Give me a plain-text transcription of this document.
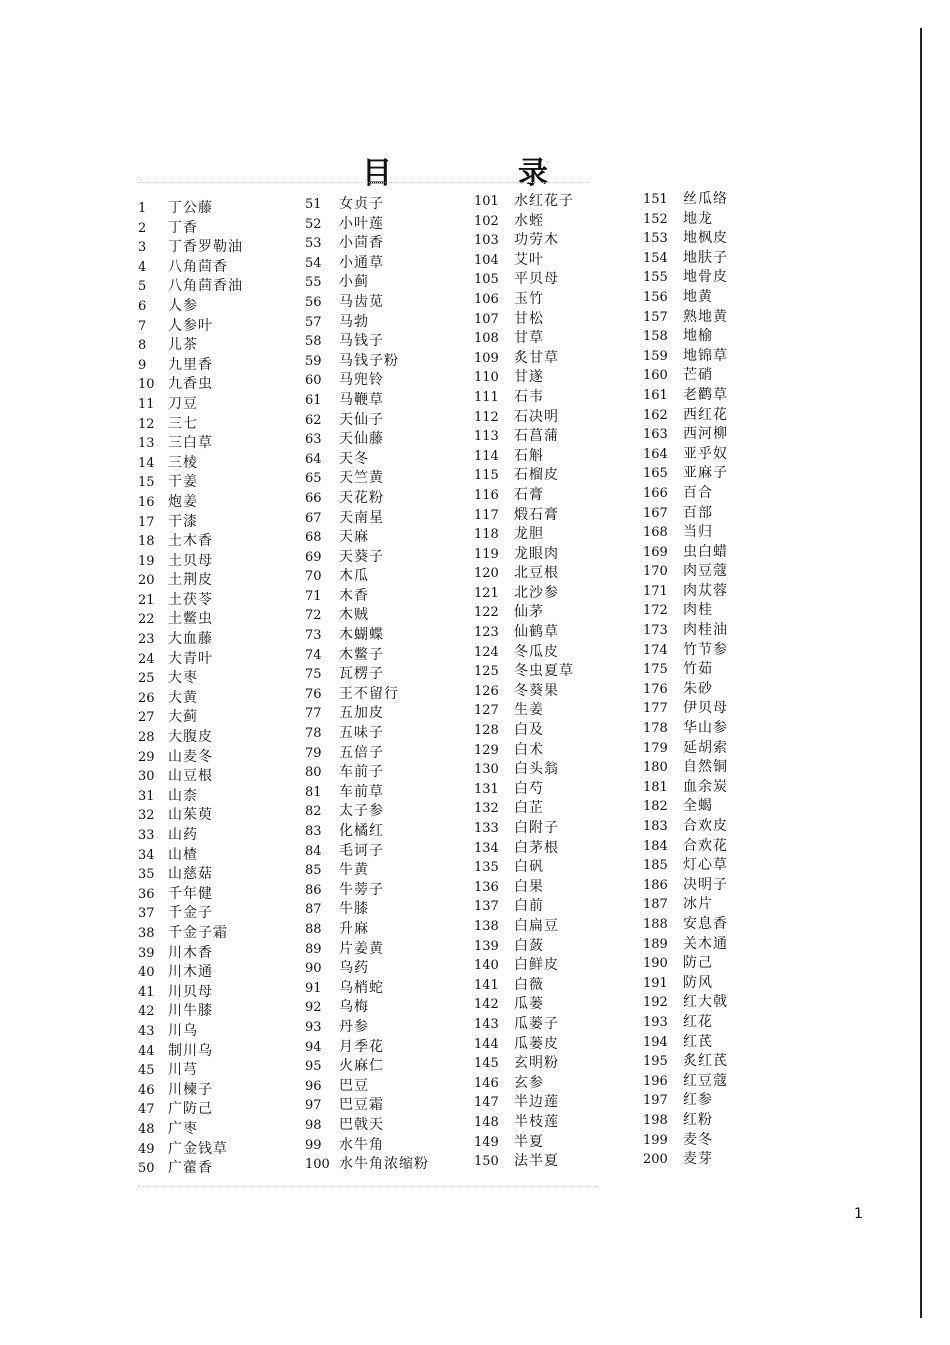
目　录
1	丁公藤
2	丁香
3	丁香罗勒油
4	八角茴香
5	八角茴香油
6	人参
7	人参叶
8	儿茶
9	九里香
10 九香虫
11 刀豆
12 三七
13 三白草
14 三棱
15 干姜
16 炮姜
17 干漆
18 土木香
19 土贝母
20 土荆皮
21 土茯苓
22 土鳖虫
23 大血藤
24 大青叶
25 大枣
26 大黄
27 大蓟
28 大腹皮
29 山麦冬
30 山豆根
31 山柰
32 山茱萸
33 山药
34 山楂
35 山慈菇
36 千年健
37 千金子
38 千金子霜
39 川木香
40 川木通
41 川贝母
42 川牛膝
43 川乌
44 制川乌
45 川芎
46 川楝子
47 广防己
48 广枣
49 广金钱草
50 广藿香
51	女贞子
52	小叶莲
53	小茴香
54	小通草
55	小蓟
56	马齿苋
57	马勃
58	马钱子
59	马钱子粉
60	马兜铃
61	马鞭草
62	天仙子
63	天仙藤
64	天冬
65	天竺黄
66	天花粉
67	天南星
68	天麻
69	天葵子
70	木瓜
71	木香
72	木贼
73	木蝴蝶
74	木鳖子
75	瓦楞子
76	王不留行
77	五加皮
78	五味子
79	五倍子
80	车前子
81	车前草
82	太子参
83	化橘红
84	毛诃子
85	牛黄
86	牛蒡子
87	牛膝
88	升麻
89	片姜黄
90	乌药
91	乌梢蛇
92	乌梅
93	丹参
94	月季花
95	火麻仁
96	巴豆
97	巴豆霜
98	巴戟天
99	水牛角
100 水牛角浓缩粉
101	水红花子
102	水蛭
103	功劳木
104	艾叶
105	平贝母
106	玉竹
107	甘松
108	甘草
109	炙甘草
110	甘遂
111	石韦
112	石决明
113	石菖蒲
114	石斛
115	石榴皮
116	石膏
117	煅石膏
118	龙胆
119	龙眼肉
120	北豆根
121	北沙参
122	仙茅
123	仙鹤草
124	冬瓜皮
125	冬虫夏草
126	冬葵果
127	生姜
128	白及
129	白术
130	白头翁
131	白芍
132	白芷
133	白附子
134	白茅根
135	白矾
136	白果
137	白前
138	白扁豆
139	白蔹
140	白鲜皮
141	白薇
142	瓜蒌
143	瓜蒌子
144	瓜蒌皮
145	玄明粉
146	玄参
147	半边莲
148	半枝莲
149	半夏
150	法半夏
151	丝瓜络
152	地龙
153	地枫皮
154	地肤子
155	地骨皮
156	地黄
157	熟地黄
158	地榆
159	地锦草
160	芒硝
161	老鹳草
162	西红花
163	西河柳
164	亚乎奴
165	亚麻子
166	百合
167	百部
168	当归
169	虫白蜡
170	肉豆蔻
171	肉苁蓉
172	肉桂
173	肉桂油
174	竹节参
175	竹茹
176	朱砂
177	伊贝母
178	华山参
179	延胡索
180	自然铜
181	血余炭
182	全蝎
183	合欢皮
184	合欢花
185	灯心草
186	决明子
187	冰片
188	安息香
189	关木通
190	防己
191	防风
192	红大戟
193	红花
194	红芪
195	炙红芪
196	红豆蔻
197	红参
198	红粉
199	麦冬
200	麦芽
1
